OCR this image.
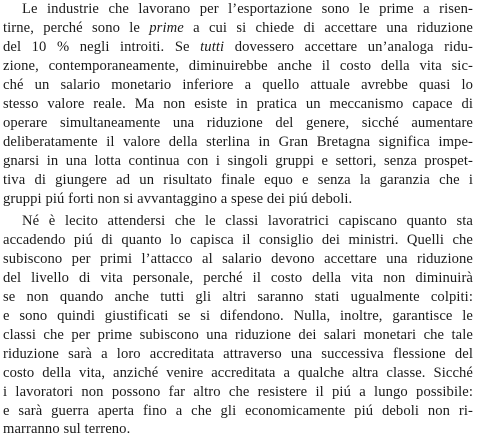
Le industrie che lavorano per l’esportazione sono le prime a risen-
tirne, perché sono le prime a cui si chiede di accettare una riduzione
del 10 % negli introiti. Se tutti dovessero accettare un’analoga ridu-
zione, contemporaneamente, diminuirebbe anche il costo della vita sic-
ché un salario monetario inferiore a quello attuale avrebbe quasi lo
stesso valore reale. Ma non esiste in pratica un meccanismo capace di
operare simultaneamente una riduzione del genere, sicché aumentare
deliberatamente il valore della sterlina in Gran Bretagna significa impe-
gnarsi in una lotta continua con i singoli gruppi e settori, senza prospet-
tiva di giungere ad un risultato finale equo e senza la garanzia che i
gruppi piú forti non si avvantaggino a spese dei piú deboli.
Né è lecito attendersi che le classi lavoratrici capiscano quanto sta
accadendo piú di quanto lo capisca il consiglio dei ministri. Quelli che
subiscono per primi l’attacco al salario devono accettare una riduzione
del livello di vita personale, perché il costo della vita non diminuirà
se non quando anche tutti gli altri saranno stati ugualmente colpiti:
e sono quindi giustificati se si difendono. Nulla, inoltre, garantisce le
classi che per prime subiscono una riduzione dei salari monetari che tale
riduzione sarà a loro accreditata attraverso una successiva flessione del
costo della vita, anziché venire accreditata a qualche altra classe. Sicché
i lavoratori non possono far altro che resistere il piú a lungo possibile:
e sarà guerra aperta fino a che gli economicamente piú deboli non ri-
marranno sul terreno.
